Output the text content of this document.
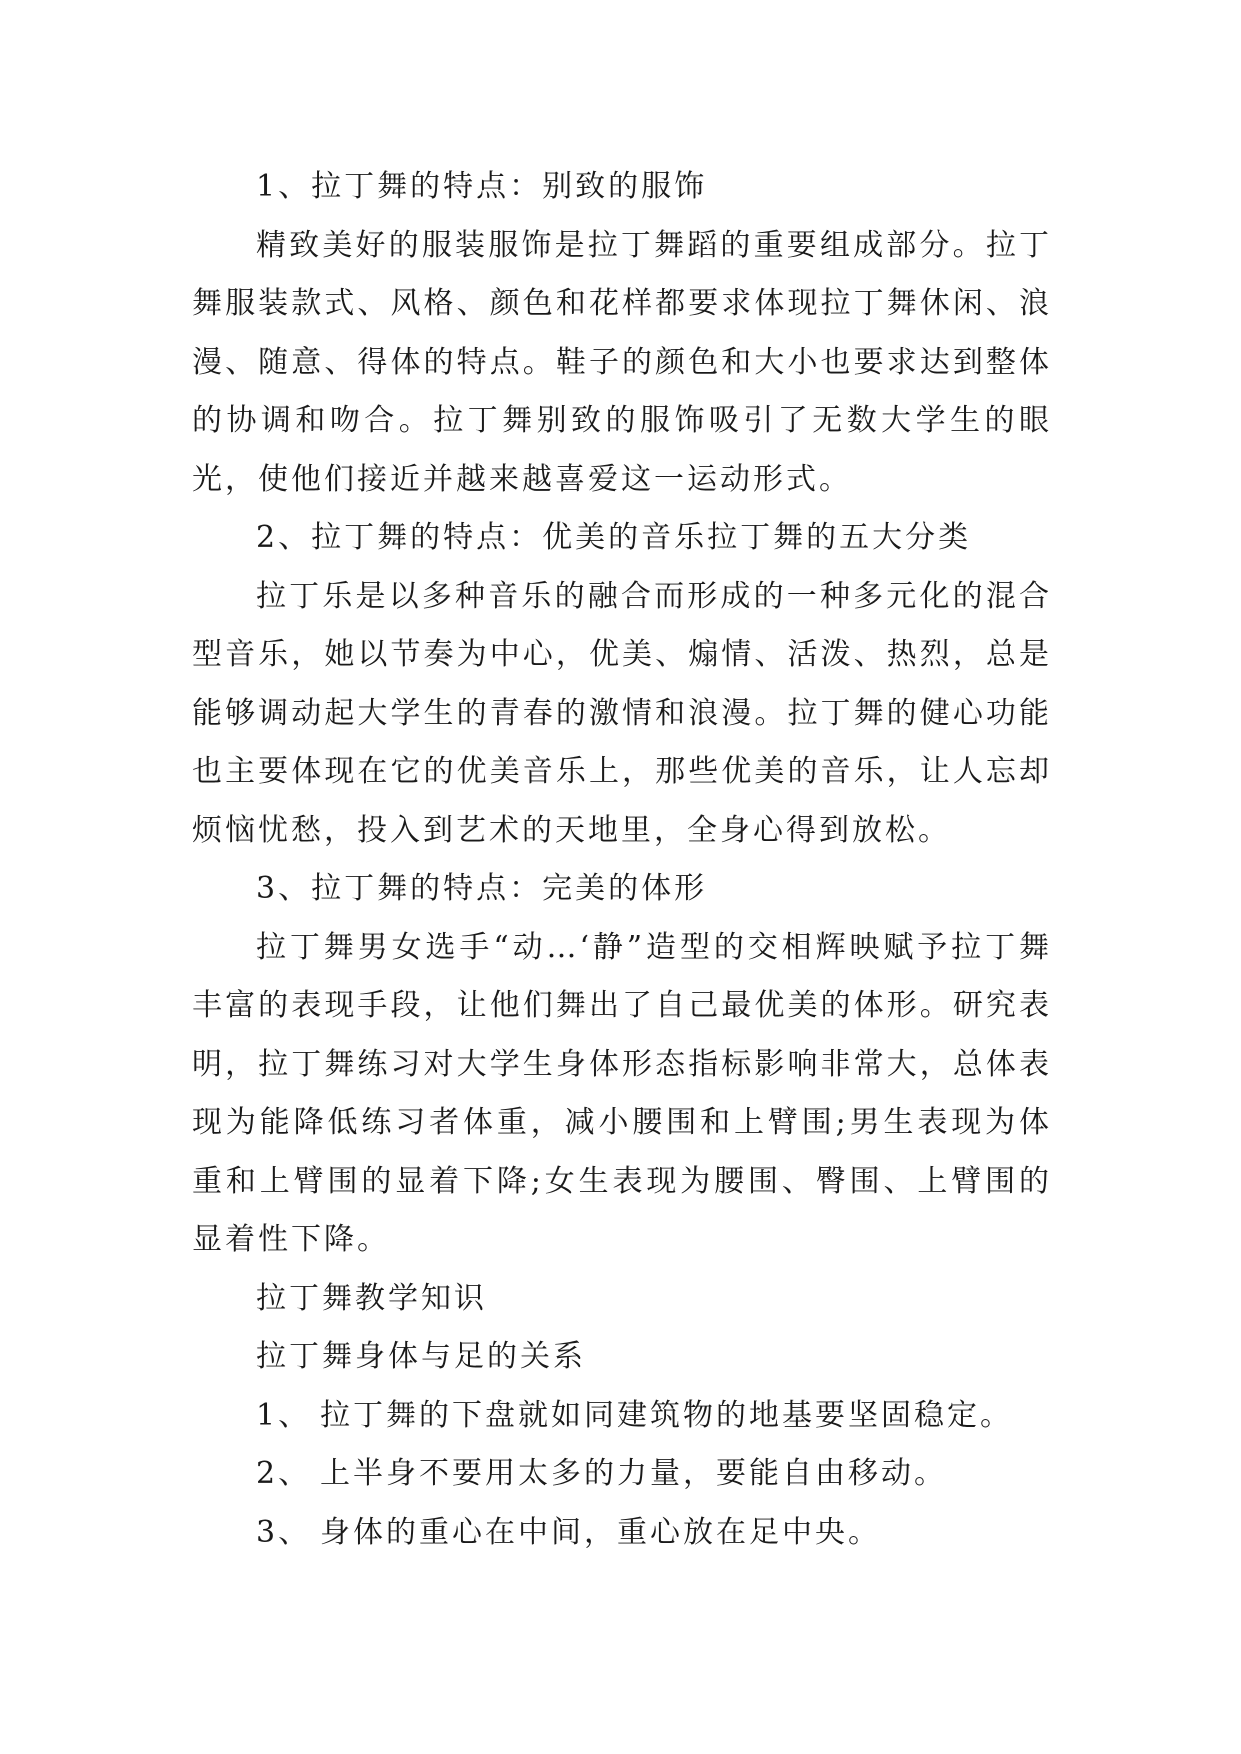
1、拉丁舞的特点：别致的服饰

精致美好的服装服饰是拉丁舞蹈的重要组成部分。拉丁舞服装款式、风格、颜色和花样都要求体现拉丁舞休闲、浪漫、随意、得体的特点。鞋子的颜色和大小也要求达到整体的协调和吻合。拉丁舞别致的服饰吸引了无数大学生的眼光，使他们接近并越来越喜爱这一运动形式。

2、拉丁舞的特点：优美的音乐拉丁舞的五大分类

拉丁乐是以多种音乐的融合而形成的一种多元化的混合型音乐，她以节奏为中心，优美、煽情、活泼、热烈，总是能够调动起大学生的青春的激情和浪漫。拉丁舞的健心功能也主要体现在它的优美音乐上，那些优美的音乐，让人忘却烦恼忧愁，投入到艺术的天地里，全身心得到放松。

3、拉丁舞的特点：完美的体形

拉丁舞男女选手“动…‘静”造型的交相辉映赋予拉丁舞丰富的表现手段，让他们舞出了自己最优美的体形。研究表明，拉丁舞练习对大学生身体形态指标影响非常大，总体表现为能降低练习者体重，减小腰围和上臂围;男生表现为体重和上臂围的显着下降;女生表现为腰围、臀围、上臂围的显着性下降。

拉丁舞教学知识

拉丁舞身体与足的关系

1、 拉丁舞的下盘就如同建筑物的地基要坚固稳定。

2、 上半身不要用太多的力量，要能自由移动。

3、 身体的重心在中间，重心放在足中央。
